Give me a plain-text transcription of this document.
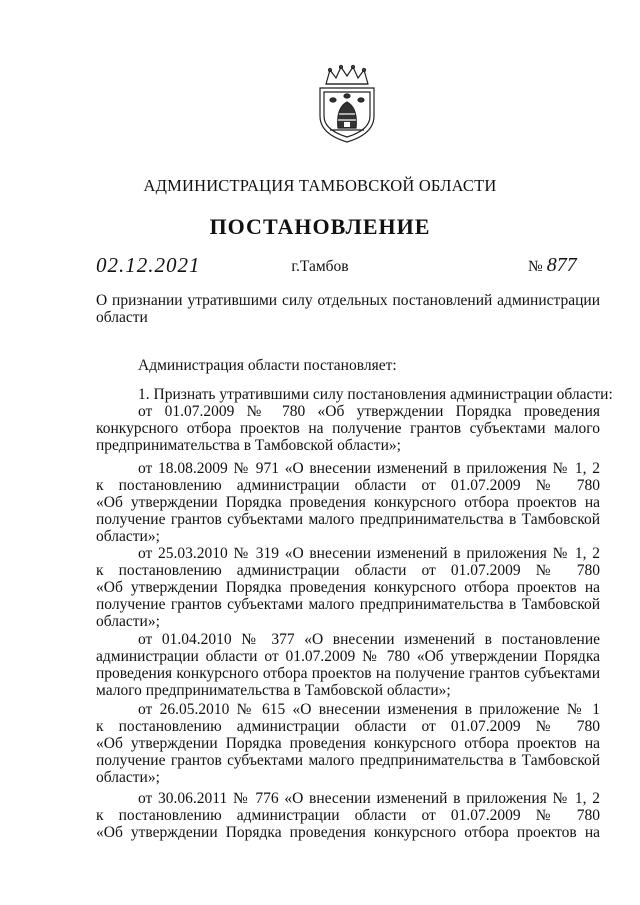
АДМИНИСТРАЦИЯ ТАМБОВСКОЙ ОБЛАСТИ
ПОСТАНОВЛЕНИЕ
02.12.2021	г.Тамбов	№ 877
О признании утратившими силу отдельных постановлений администрации
области
Администрация области постановляет:
1. Признать утратившими силу постановления администрации области:
от 01.07.2009 № 780 «Об утверждении Порядка проведения
конкурсного отбора проектов на получение грантов субъектами малого
предпринимательства в Тамбовской области»;
от 18.08.2009 № 971 «О внесении изменений в приложения № 1, 2
к постановлению администрации области от 01.07.2009 № 780
«Об утверждении Порядка проведения конкурсного отбора проектов на
получение грантов субъектами малого предпринимательства в Тамбовской
области»;
от 25.03.2010 № 319 «О внесении изменений в приложения № 1, 2
к постановлению администрации области от 01.07.2009 № 780
«Об утверждении Порядка проведения конкурсного отбора проектов на
получение грантов субъектами малого предпринимательства в Тамбовской
области»;
от 01.04.2010 № 377 «О внесении изменений в постановление
администрации области от 01.07.2009 № 780 «Об утверждении Порядка
проведения конкурсного отбора проектов на получение грантов субъектами
малого предпринимательства в Тамбовской области»;
от 26.05.2010 № 615 «О внесении изменения в приложение № 1
к постановлению администрации области от 01.07.2009 № 780
«Об утверждении Порядка проведения конкурсного отбора проектов на
получение грантов субъектами малого предпринимательства в Тамбовской
области»;
от 30.06.2011 № 776 «О внесении изменений в приложения № 1, 2
к постановлению администрации области от 01.07.2009 № 780
«Об утверждении Порядка проведения конкурсного отбора проектов на
